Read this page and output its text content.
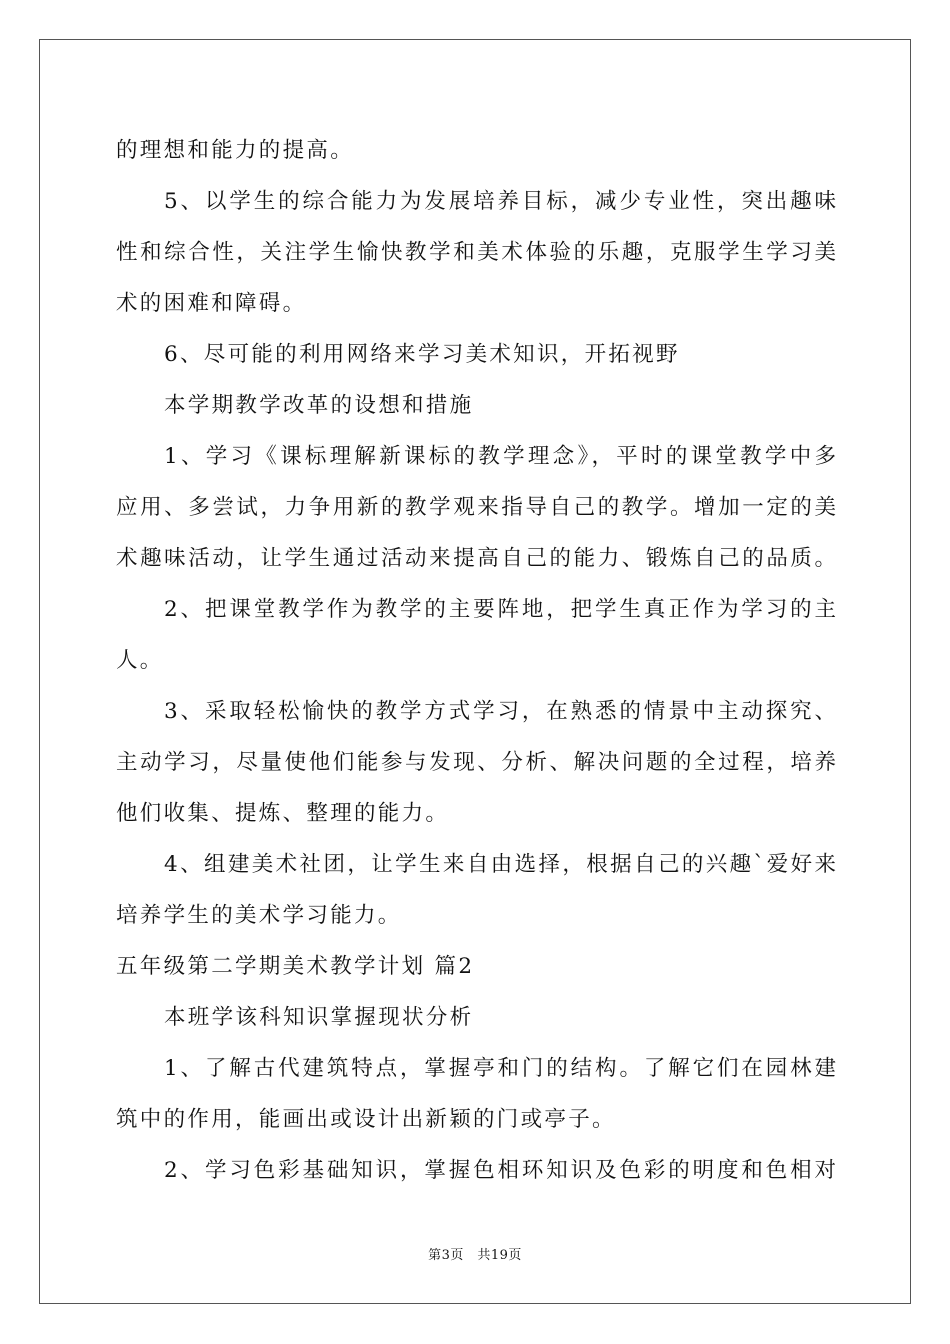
的理想和能力的提高。
5、以学生的综合能力为发展培养目标，减少专业性，突出趣味
性和综合性，关注学生愉快教学和美术体验的乐趣，克服学生学习美
术的困难和障碍。
6、尽可能的利用网络来学习美术知识，开拓视野
本学期教学改革的设想和措施
1、学习《课标理解新课标的教学理念》，平时的课堂教学中多
应用、多尝试，力争用新的教学观来指导自己的教学。增加一定的美
术趣味活动，让学生通过活动来提高自己的能力、锻炼自己的品质。
2、把课堂教学作为教学的主要阵地，把学生真正作为学习的主
人。
3、采取轻松愉快的教学方式学习，在熟悉的情景中主动探究、
主动学习，尽量使他们能参与发现、分析、解决问题的全过程，培养
他们收集、提炼、整理的能力。
4、组建美术社团，让学生来自由选择，根据自己的兴趣`爱好来
培养学生的美术学习能力。
五年级第二学期美术教学计划 篇2
本班学该科知识掌握现状分析
1、了解古代建筑特点，掌握亭和门的结构。了解它们在园林建
筑中的作用，能画出或设计出新颖的门或亭子。
2、学习色彩基础知识，掌握色相环知识及色彩的明度和色相对
第3页　共19页
